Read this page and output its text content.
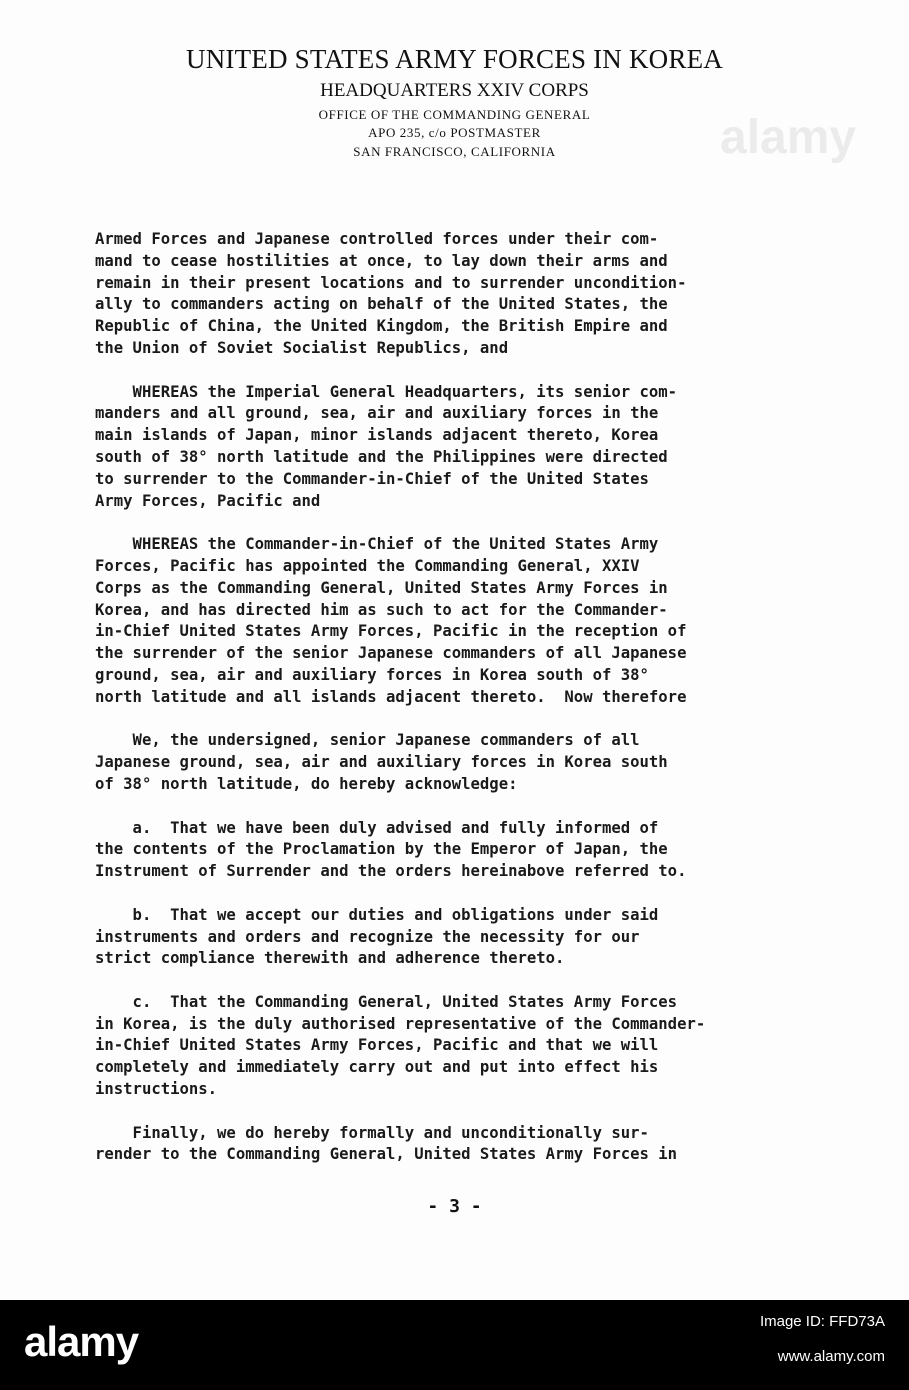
UNITED STATES ARMY FORCES IN KOREA
HEADQUARTERS XXIV CORPS
OFFICE OF THE COMMANDING GENERAL
APO 235, c/o POSTMASTER
SAN FRANCISCO, CALIFORNIA	alamy
Armed Forces and Japanese controlled forces under their com-
mand to cease hostilities at once, to lay down their arms and
remain in their present locations and to surrender uncondition-
ally to commanders acting on behalf of the United States, the
Republic of China, the United Kingdom, the British Empire and
the Union of Soviet Socialist Republics, and
WHEREAS the Imperial General Headquarters, its senior com-
manders and all ground, sea, air and auxiliary forces in the
main islands of Japan, minor islands adjacent thereto, Korea
south of 38° north latitude and the Philippines were directed
to surrender to the Commander-in-Chief of the United States
Army Forces, Pacific and
WHEREAS the Commander-in-Chief of the United States Army
Forces, Pacific has appointed the Commanding General, XXIV
Corps as the Commanding General, United States Army Forces in
Korea, and has directed him as such to act for the Commander-
in-Chief United States Army Forces, Pacific in the reception of
the surrender of the senior Japanese commanders of all Japanese
ground, sea, air and auxiliary forces in Korea south of 38°
north latitude and all islands adjacent thereto.  Now therefore
We, the undersigned, senior Japanese commanders of all
Japanese ground, sea, air and auxiliary forces in Korea south
of 38° north latitude, do hereby acknowledge:
a.  That we have been duly advised and fully informed of
the contents of the Proclamation by the Emperor of Japan, the
Instrument of Surrender and the orders hereinabove referred to.
b.  That we accept our duties and obligations under said
instruments and orders and recognize the necessity for our
strict compliance therewith and adherence thereto.
c.  That the Commanding General, United States Army Forces
in Korea, is the duly authorised representative of the Commander-
in-Chief United States Army Forces, Pacific and that we will
completely and immediately carry out and put into effect his
instructions.
Finally, we do hereby formally and unconditionally sur-
render to the Commanding General, United States Army Forces in
- 3 -
alamy	Image ID: FFD73A
www.alamy.com
